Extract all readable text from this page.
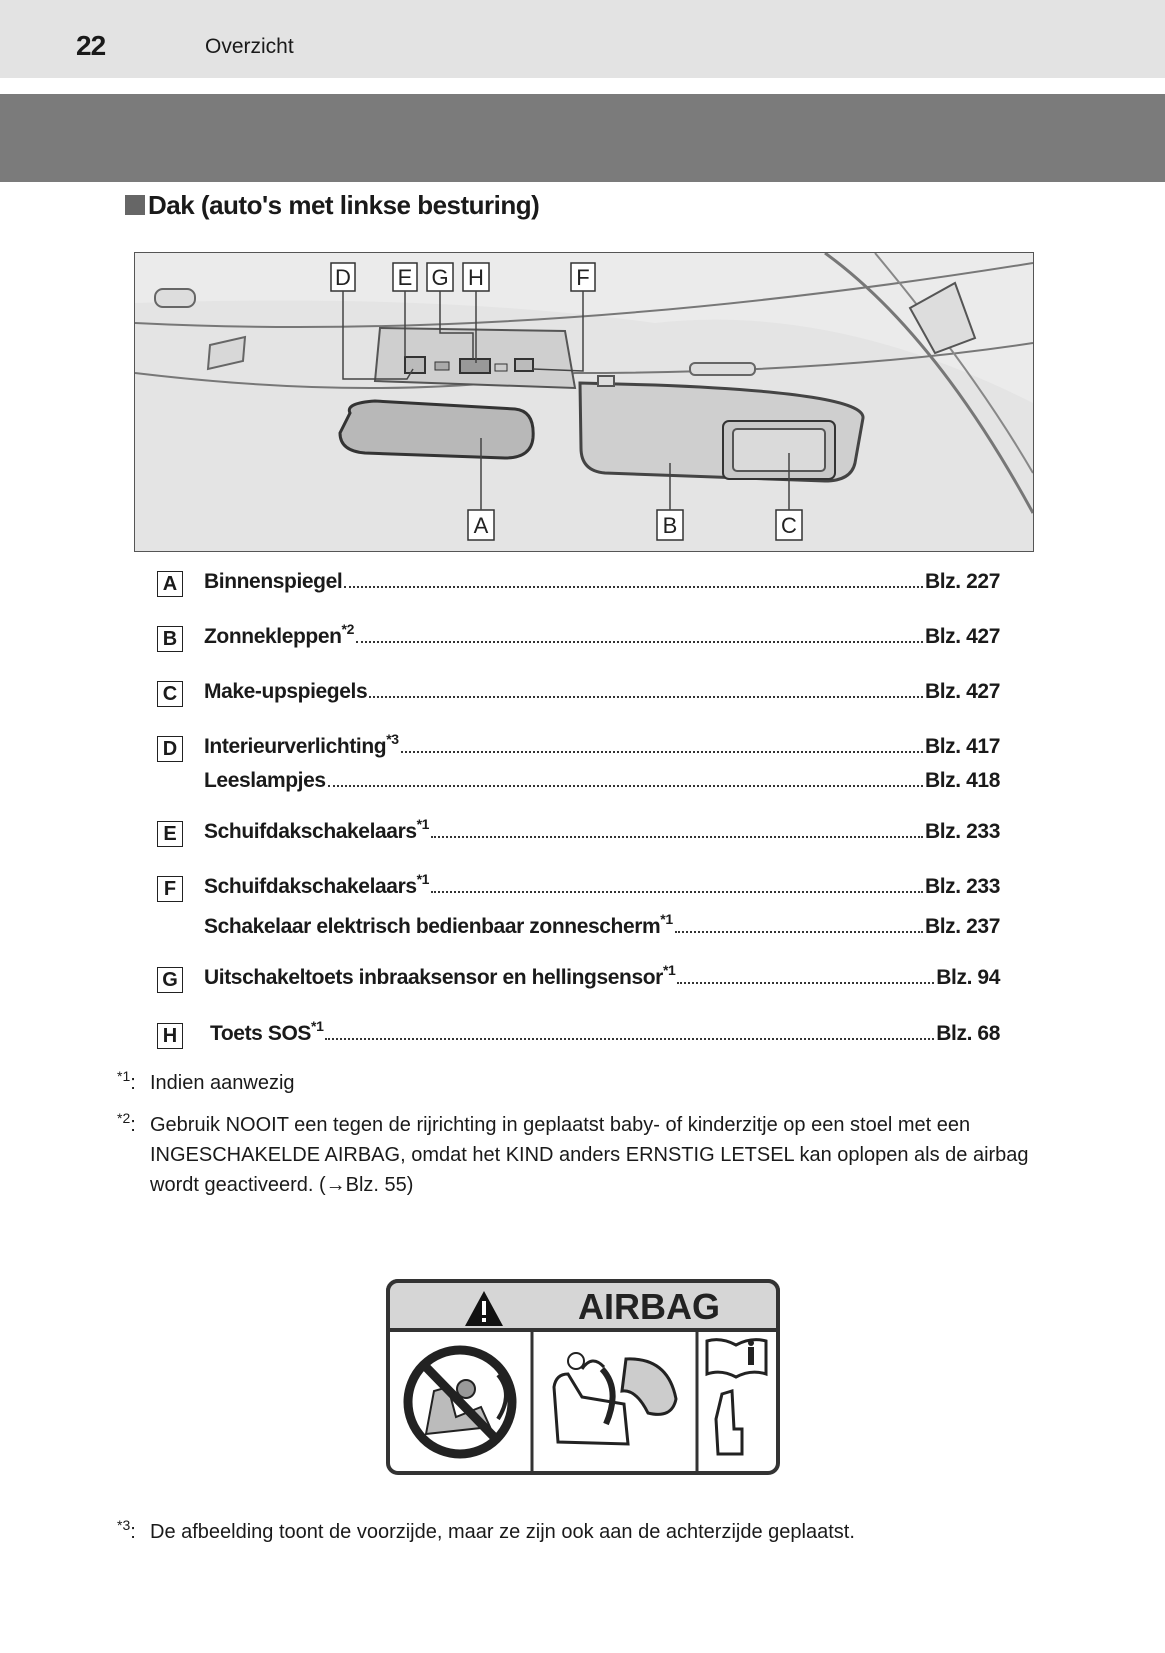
22	Overzicht
Dak (auto's met linkse besturing)
D E G H	F
A	B	C
A Binnenspiegel	Blz. 227
B Zonnekleppen$^{*2}$	Blz. 427
C Make-upspiegels	Blz. 427
D Interieurverlichting$^{*3}$	Blz. 417
Leeslampjes	Blz. 418
E	Schuifdakschakelaars$^{*1}$	Blz. 233
F	Schuifdakschakelaars$^{*1}$	Blz. 233
Schakelaar elektrisch bedienbaar zonnescherm$^{*1}$	Blz. 237
G Uitschakeltoets inbraaksensor en hellingsensor$^{*1}$	Blz. 94
H Toets SOS$^{*1}$	Blz. 68
$^{*1}$: Indien aanwezig
$^{*2}$: Gebruik NOOIT een tegen de rijrichting in geplaatst baby- of kinderzitje op een stoel met een INGESCHAKELDE AIRBAG, omdat het KIND anders ERNSTIG LETSEL kan oplopen als de airbag wordt geactiveerd. (→Blz. 55)
AIRBAG
$^{*3}$: De afbeelding toont de voorzijde, maar ze zijn ook aan de achterzijde geplaatst.
